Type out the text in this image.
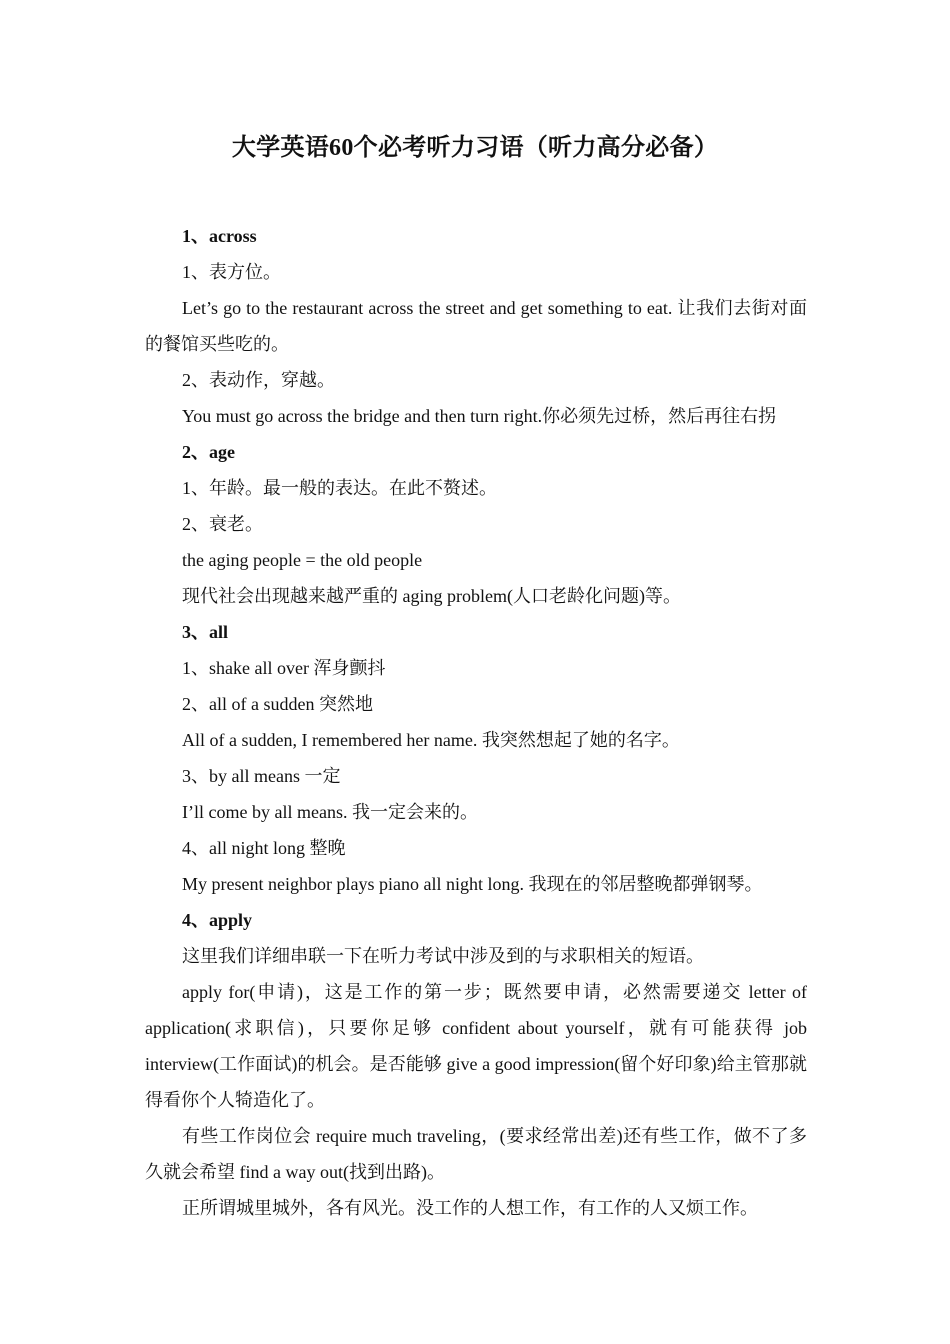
大学英语60个必考听力习语（听力高分必备）

1、across

1、表方位。

Let’s go to the restaurant across the street and get something to eat. 让我们去街对面的餐馆买些吃的。

2、表动作，穿越。

You must go across the bridge and then turn right.你必须先过桥，然后再往右拐

2、age

1、年龄。最一般的表达。在此不赘述。

2、衰老。

the aging people = the old people

现代社会出现越来越严重的 aging problem(人口老龄化问题)等。

3、all

1、shake all over 浑身颤抖

2、all of a sudden 突然地

All of a sudden, I remembered her name. 我突然想起了她的名字。

3、by all means 一定

I’ll come by all means. 我一定会来的。

4、all night long 整晚

My present neighbor plays piano all night long. 我现在的邻居整晚都弹钢琴。

4、apply

这里我们详细串联一下在听力考试中涉及到的与求职相关的短语。

apply for(申请)，这是工作的第一步；既然要申请，必然需要递交 letter of application(求职信)，只要你足够 confident about yourself，就有可能获得 job interview(工作面试)的机会。是否能够 give a good impression(留个好印象)给主管那就得看你个人犄造化了。

有些工作岗位会 require much traveling，(要求经常出差)还有些工作，做不了多久就会希望 find a way out(找到出路)。

正所谓城里城外，各有风光。没工作的人想工作，有工作的人又烦工作。
